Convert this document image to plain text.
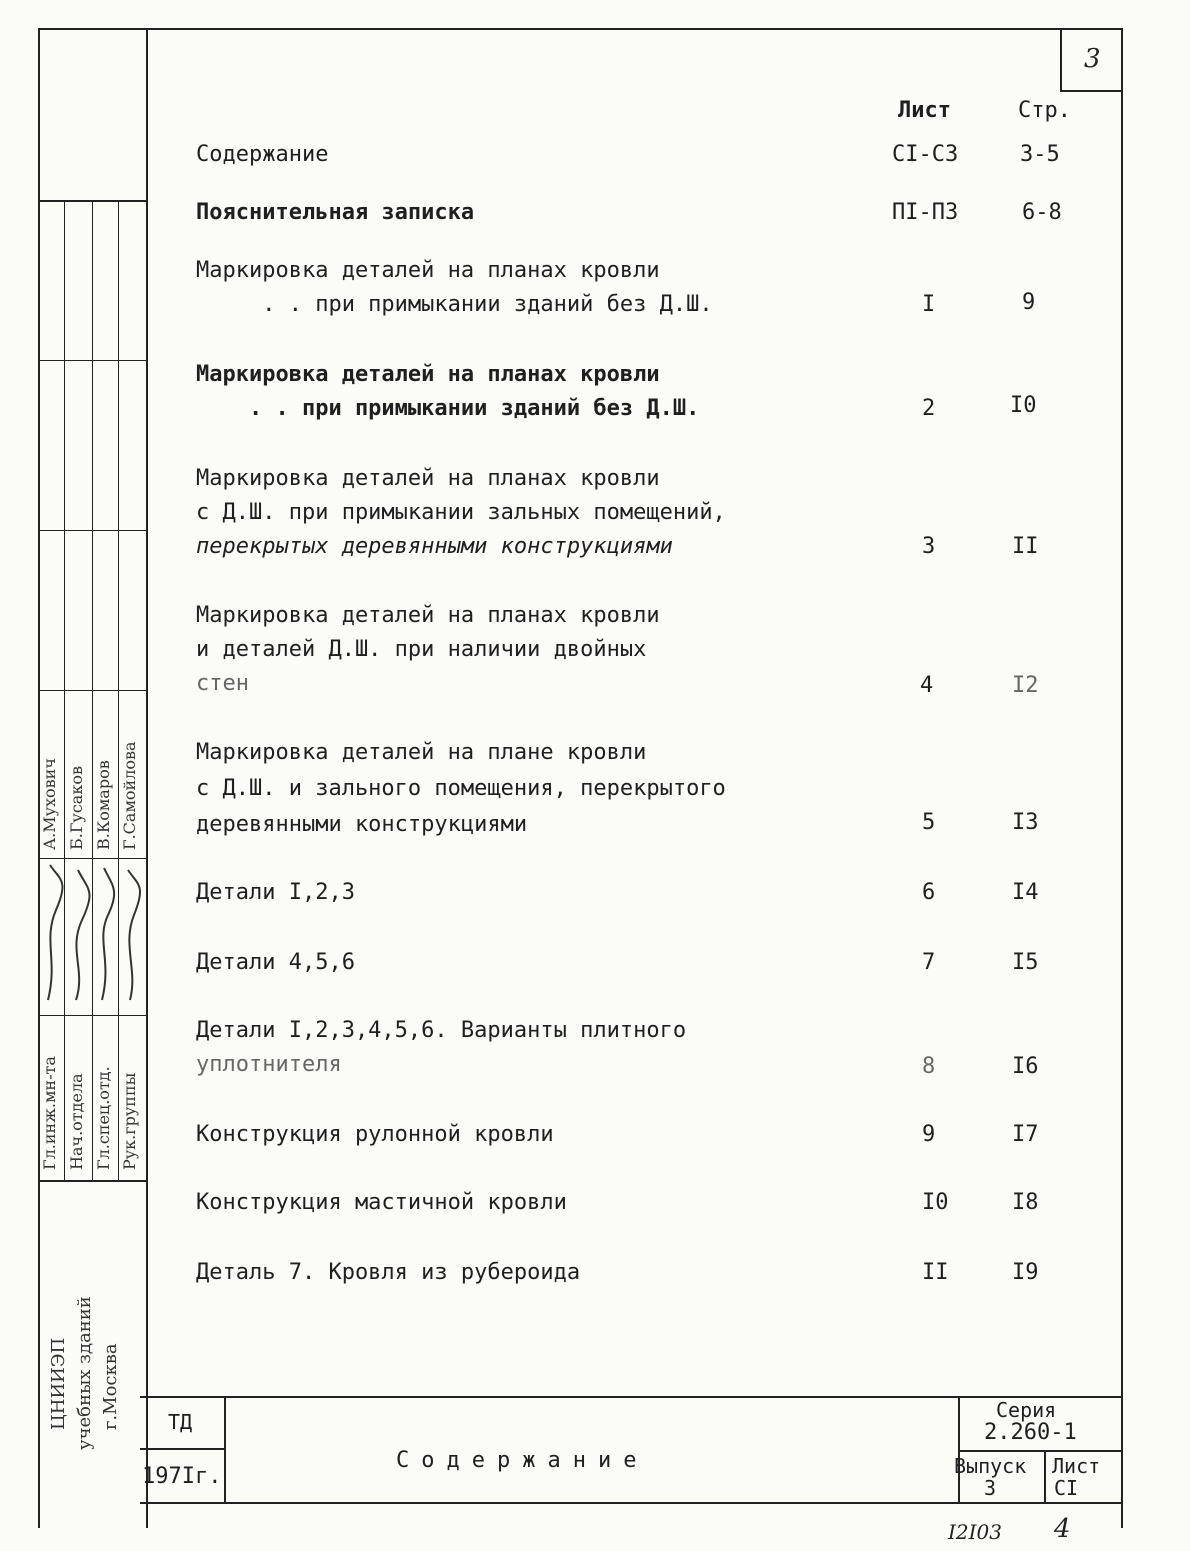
3
Лист	Стр.
Содержание	CI-C3	3-5
Пояснительная записка	ПI-ПЗ	6-8
Маркировка деталей на планах кровли
. . при примыкании зданий без Д.Ш.	I	9
Маркировка деталей на планах кровли
. . при примыкании зданий без Д.Ш.	2	I0
Маркировка деталей на планах кровли
с Д.Ш. при примыкании зальных помещений,
перекрытых деревянными конструкциями	3	II
Маркировка деталей на планах кровли
и деталей Д.Ш. при наличии двойных
стен	4	I2
Маркировка деталей на плане кровли
с Д.Ш. и зального помещения, перекрытого
деревянными конструкциями	5	I3
Детали I,2,3	6	I4
Детали 4,5,6	7	I5
Детали I,2,3,4,5,6. Варианты плитного
уплотнителя	8	I6
Конструкция рулонной кровли	9	I7
Конструкция мастичной кровли	I0	I8
Деталь 7. Кровля из рубероида	II	I9
Гл.инж.мн-та Нач.отдела Гл.спец.отд. Рук.группы
А.Мухович Б.Гусаков В.Комаров Г.Самойлова
ЦНИИЭП учебных зданий г.Москва ТД
197Iг.
Содержание
Серия
2.260-1
Выпуск
3
Лист
CI
I2I03 4
